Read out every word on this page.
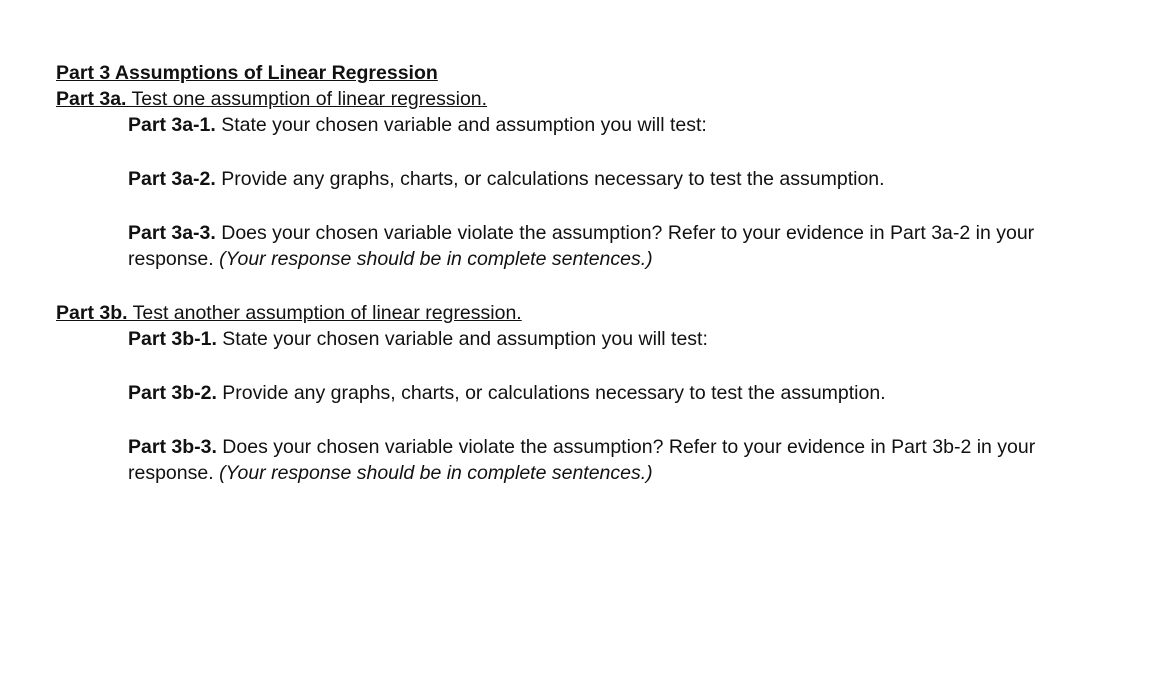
Part 3 Assumptions of Linear Regression

Part 3a. Test one assumption of linear regression.

Part 3a-1. State your chosen variable and assumption you will test:

Part 3a-2. Provide any graphs, charts, or calculations necessary to test the assumption.

Part 3a-3. Does your chosen variable violate the assumption? Refer to your evidence in Part 3a-2 in your response. (Your response should be in complete sentences.)

Part 3b. Test another assumption of linear regression.

Part 3b-1. State your chosen variable and assumption you will test:

Part 3b-2. Provide any graphs, charts, or calculations necessary to test the assumption.

Part 3b-3. Does your chosen variable violate the assumption? Refer to your evidence in Part 3b-2 in your response. (Your response should be in complete sentences.)
